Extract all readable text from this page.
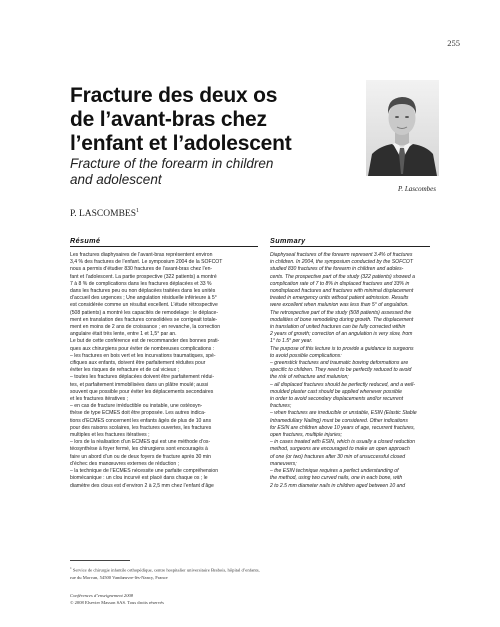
255
Fracture des deux os
de l’avant-bras chez
l’enfant et l’adolescent
Fracture of the forearm in children
and adolescent
P. LASCOMBES$^1$
P. Lascombes
Résumé	Summary
Les fractures diaphysaires de l’avant-bras représentent environ
3,4 % des fractures de l’enfant. Le symposium 2004 de la SOFCOT
nous a permis d’étudier 830 fractures de l’avant-bras chez l’en-
fant et l’adolescent. La partie prospective (322 patients) a montré
7 à 8 % de complications dans les fractures déplacées et 33 %
dans les fractures peu ou non déplacées traitées dans les unités
d’accueil des urgences ; Une angulation résiduelle inférieure à 5°
est considérée comme un résultat excellent. L’étude rétrospective
(508 patients) a montré les capacités de remodelage : le déplace-
ment en translation des fractures consolidées se corrigeait totale-
ment en moins de 2 ans de croissance ; en revanche, la correction
angulaire était très lente, entre 1 et 1,5° par an.
Le but de cette conférence est de recommander des bonnes prati-
ques aux chirurgiens pour éviter de nombreuses complications :
– les fractures en bois vert et les incurvations traumatiques, spé-
cifiques aux enfants, doivent être parfaitement réduites pour
éviter les risques de refracture et de cal vicieux ;
– toutes les fractures déplacées doivent être parfaitement rédui-
tes, et parfaitement immobilisées dans un plâtre moulé; aussi
souvent que possible pour éviter les déplacements secondaires
et les fractures itératives ;
– en cas de fracture irréductible ou instable, une ostéosyn-
thèse de type ECMES doit être proposée. Les autres indica-
tions d’ECMES concernent les enfants âgés de plus de 10 ans
pour des raisons scolaires, les fractures ouvertes, les fractures
multiples et les fractures itératives ;
– lors de la réalisation d’un ECMES qui est une méthode d’os-
téosynthèse à foyer fermé, les chirurgiens sont encouragés à
faire un abord d’un ou de deux foyers de fracture après 30 min
d’échec des manœuvres externes de réduction ;
– la technique de l’ECMES nécessite une parfaite compréhension
biomécanique : un clou incurvé est placé dans chaque os ; le
diamètre des clous est d’environ 2 à 2,5 mm chez l’enfant d’âge
Diaphyseal fractures of the forearm represent 3.4% of fractures
in children. In 2004, the symposium conducted by the SOFCOT
studied 830 fractures of the forearm in children and adoles-
cents. The prospective part of the study (322 patients) showed a
complication rate of 7 to 8% in displaced fractures and 33% in
nondisplaced fractures and fractures with minimal displacement
treated in emergency units without patient admission. Results
were excellent when malunion was less than 5° of angulation.
The retrospective part of the study (508 patients) assessed the
modalities of bone remodeling during growth. The displacement
in translation of united fractures can be fully corrected within
2 years of growth; correction of an angulation is very slow, from
1° to 1.5° per year.
The purpose of this lecture is to provide a guidance to surgeons
to avoid possible complications:
– greenstick fractures and traumatic bowing deformations are
specific to children. They need to be perfectly reduced to avoid
the risk of refracture and malunion;
– all displaced fractures should be perfectly reduced, and a well-
moulded plaster cast should be applied whenever possible
in order to avoid secondary displacements and/or recurrent
fractures;
– when fractures are irreducible or unstable, ESIN (Elastic Stable
Intramedullary Nailing) must be considered. Other indications
for ESIN are children above 10 years of age, recurrent fractures,
open fractures, multiple injuries;
– in cases treated with ESIN, which is usually a closed reduction
method, surgeons are encouraged to make an open approach
of one (or two) fractures after 30 min of unsuccessful closed
maneuvers;
– the ESIN technique requires a perfect understanding of
the method, using two curved nails, one in each bone, with
2 to 2.5 mm diameter nails in children aged between 10 and
$^1$ Service de chirurgie infantile orthopédique, centre hospitalier universitaire Brabois, hôpital d’enfants,
rue du Morvan, 54500 Vandœuvre-lès-Nancy, France
Conférences d’enseignement 2008
© 2008 Elsevier Masson SAS. Tous droits réservés
